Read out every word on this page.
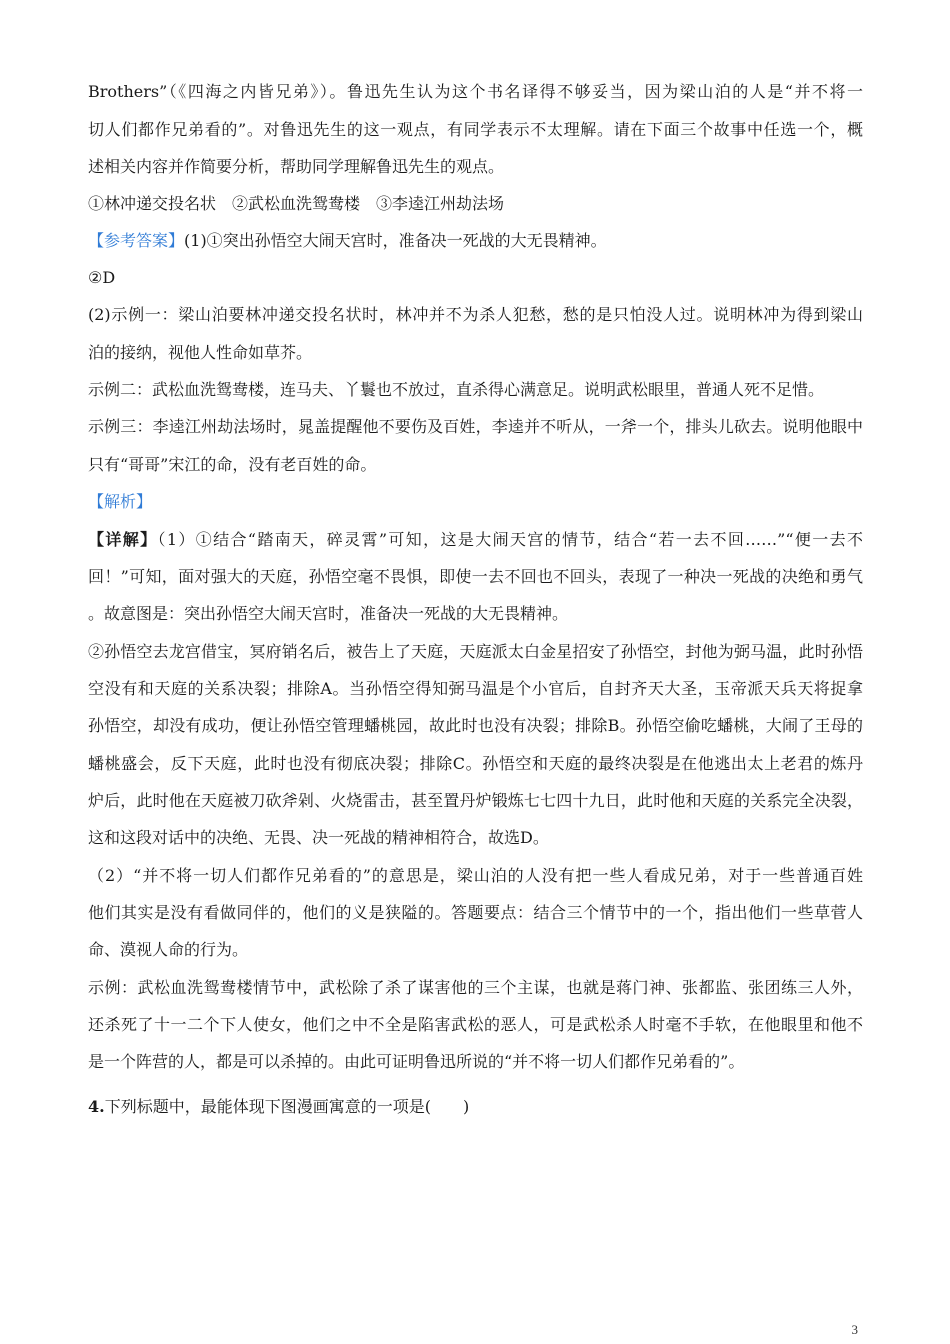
Brothers”（《四海之内皆兄弟》）。鲁迅先生认为这个书名译得不够妥当，因为梁山泊的人是“并不将一
切人们都作兄弟看的”。对鲁迅先生的这一观点，有同学表示不太理解。请在下面三个故事中任选一个，概
述相关内容并作简要分析，帮助同学理解鲁迅先生的观点。
①林冲递交投名状　②武松血洗鸳鸯楼　③李逵江州劫法场
【参考答案】(1)①突出孙悟空大闹天宫时，准备决一死战的大无畏精神。
②D
(2)示例一：梁山泊要林冲递交投名状时，林冲并不为杀人犯愁，愁的是只怕没人过。说明林冲为得到梁山
泊的接纳，视他人性命如草芥。
示例二：武松血洗鸳鸯楼，连马夫、丫鬟也不放过，直杀得心满意足。说明武松眼里，普通人死不足惜。
示例三：李逵江州劫法场时，晁盖提醒他不要伤及百姓，李逵并不听从，一斧一个，排头儿砍去。说明他眼中
只有“哥哥”宋江的命，没有老百姓的命。
【解析】
【详解】（1）①结合“踏南天，碎灵霄”可知，这是大闹天宫的情节，结合“若一去不回……”“便一去不
回！”可知，面对强大的天庭，孙悟空毫不畏惧，即使一去不回也不回头，表现了一种决一死战的决绝和勇气
。故意图是：突出孙悟空大闹天宫时，准备决一死战的大无畏精神。
②孙悟空去龙宫借宝，冥府销名后，被告上了天庭，天庭派太白金星招安了孙悟空，封他为弼马温，此时孙悟
空没有和天庭的关系决裂；排除A。当孙悟空得知弼马温是个小官后，自封齐天大圣，玉帝派天兵天将捉拿
孙悟空，却没有成功，便让孙悟空管理蟠桃园，故此时也没有决裂；排除B。孙悟空偷吃蟠桃，大闹了王母的
蟠桃盛会，反下天庭，此时也没有彻底决裂；排除C。孙悟空和天庭的最终决裂是在他逃出太上老君的炼丹
炉后，此时他在天庭被刀砍斧剁、火烧雷击，甚至置丹炉锻炼七七四十九日，此时他和天庭的关系完全决裂，
这和这段对话中的决绝、无畏、决一死战的精神相符合，故选D。
（2）“并不将一切人们都作兄弟看的”的意思是，梁山泊的人没有把一些人看成兄弟，对于一些普通百姓
他们其实是没有看做同伴的，他们的义是狭隘的。答题要点：结合三个情节中的一个，指出他们一些草菅人
命、漠视人命的行为。
示例：武松血洗鸳鸯楼情节中，武松除了杀了谋害他的三个主谋，也就是蒋门神、张都监、张团练三人外，
还杀死了十一二个下人使女，他们之中不全是陷害武松的恶人，可是武松杀人时毫不手软，在他眼里和他不
是一个阵营的人，都是可以杀掉的。由此可证明鲁迅所说的“并不将一切人们都作兄弟看的”。
4.下列标题中，最能体现下图漫画寓意的一项是(　　)
3
